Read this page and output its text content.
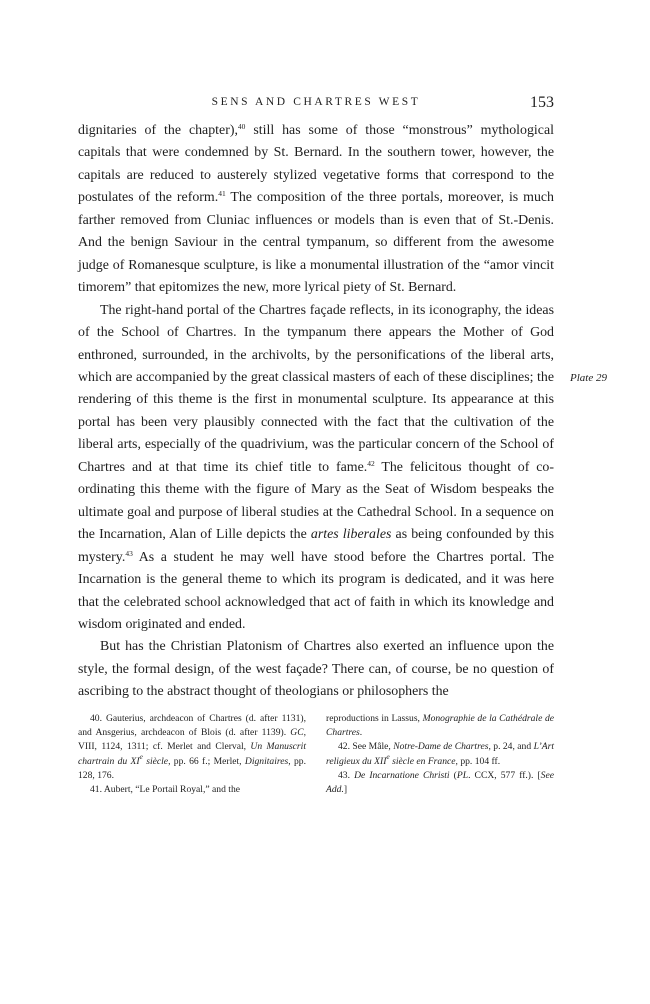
SENS AND CHARTRES WEST	153

dignitaries of the chapter),$^{40}$ still has some of those “monstrous” mythological capitals that were condemned by St. Bernard. In the southern tower, however, the capitals are reduced to austerely stylized vegetative forms that correspond to the postulates of the reform.$^{41}$ The composition of the three portals, moreover, is much farther removed from Cluniac influences or models than is even that of St.-Denis. And the benign Saviour in the central tympanum, so different from the awesome judge of Romanesque sculpture, is like a monumental illustration of the “amor vincit timorem” that epitomizes the new, more lyrical piety of St. Bernard.

The right-hand portal of the Chartres façade reflects, in its iconography, the ideas of the School of Chartres. In the tympanum there appears the Mother of God enthroned, surrounded, in the archivolts, by the personifications of the liberal arts, which are accompanied by the great classical masters of each of these disciplines; the rendering of this theme is the first in monumental sculpture. Its appearance at this portal has been very plausibly connected with the fact that the cultivation of the liberal arts, especially of the quadrivium, was the particular concern of the School of Chartres and at that time its chief title to fame.$^{42}$ The felicitous thought of co-ordinating this theme with the figure of Mary as the Seat of Wisdom bespeaks the ultimate goal and purpose of liberal studies at the Cathedral School. In a sequence on the Incarnation, Alan of Lille depicts the artes liberales as being confounded by this mystery.$^{43}$ As a student he may well have stood before the Chartres portal. The Incarnation is the general theme to which its program is dedicated, and it was here that the celebrated school acknowledged that act of faith in which its knowledge and wisdom originated and ended.

But has the Christian Platonism of Chartres also exerted an influence upon the style, the formal design, of the west façade? There can, of course, be no question of ascribing to the abstract thought of theologians or philosophers the

Plate 29

40. Gauterius, archdeacon of Chartres (d. after 1131), and Ansgerius, archdeacon of Blois (d. after 1139). GC, VIII, 1124, 1311; cf. Merlet and Clerval, Un Manuscrit chartrain du XIe siècle, pp. 66 f.; Merlet, Dignitaires, pp. 128, 176.

41. Aubert, “Le Portail Royal,” and the

reproductions in Lassus, Monographie de la Cathédrale de Chartres.

42. See Mâle, Notre-Dame de Chartres, p. 24, and L’Art religieux du XIIe siècle en France, pp. 104 ff.

43. De Incarnatione Christi (PL. CCX, 577 ff.). [See Add.]
